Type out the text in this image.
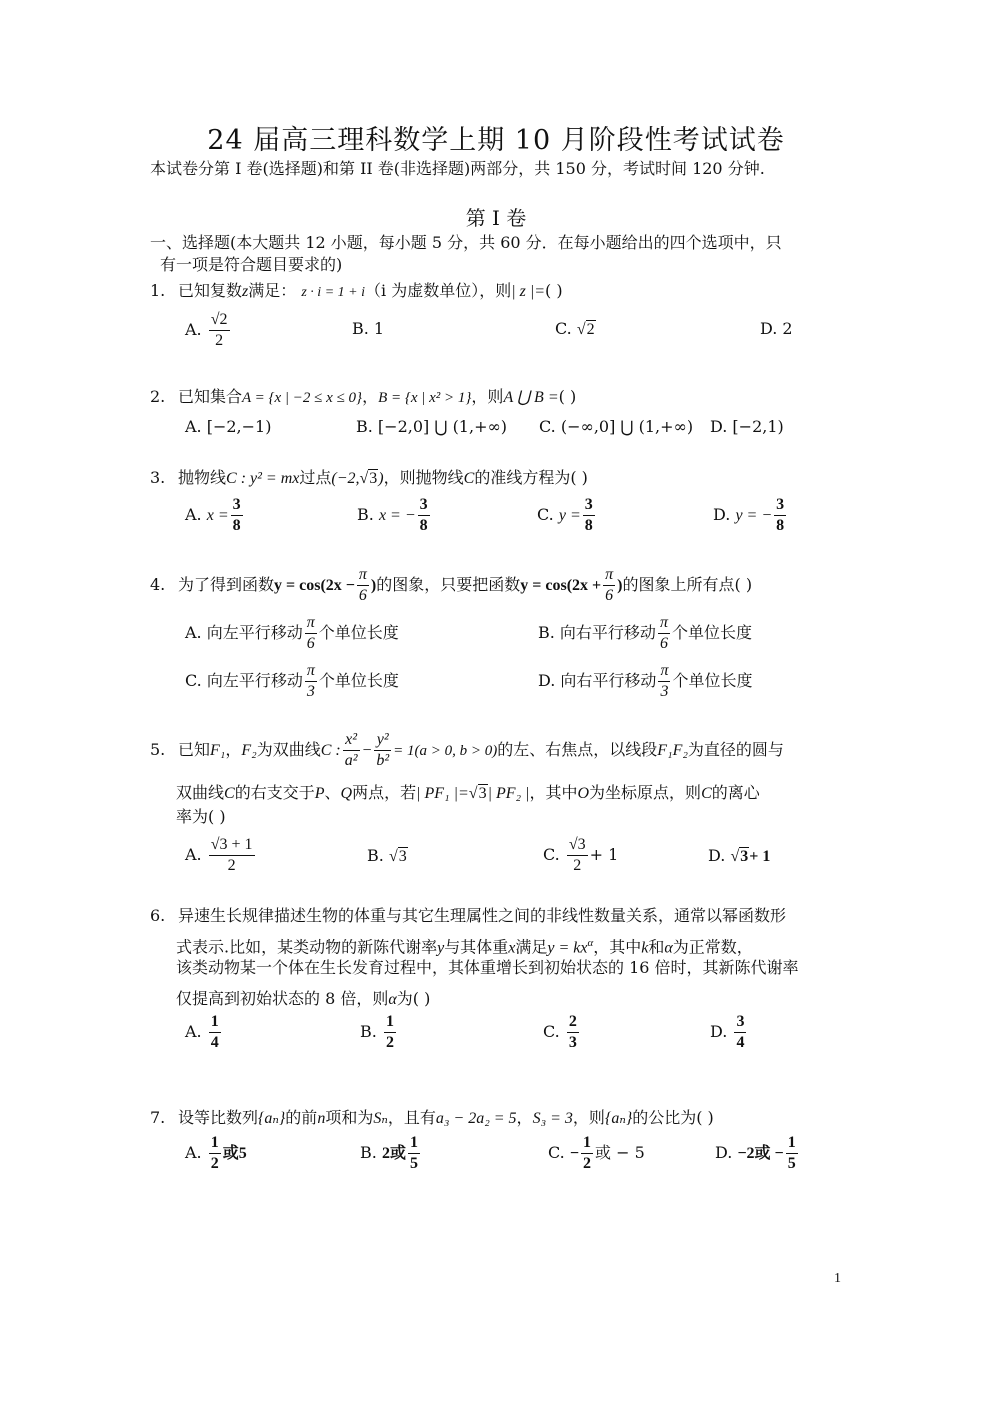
24 届高三理科数学上期 10 月阶段性考试试卷
本试卷分第 I 卷(选择题)和第 II 卷(非选择题)两部分，共 150 分，考试时间 120 分钟.
第 I 卷
一、选择题(本大题共 12 小题，每小题 5 分，共 60 分．在每小题给出的四个选项中，只
有一项是符合题目要求的)
1. 已知复数z满足： z · i = 1 + i（i 为虚数单位），则| z |=( )
A. $\frac{√2}{2}$	B. 1	C. √2	D. 2
2. 已知集合A = {x | −2 ≤ x ≤ 0}，B = {x | x² > 1}，则A ⋃ B =( )
A. [−2,−1)	B. [−2,0] ⋃ (1,+∞) C. (−∞,0] ⋃ (1,+∞) D. [−2,1)
3. 抛物线C : y² = mx过点(−2,√3)，则抛物线C的准线方程为( )
A. $x = \frac{3}{8}$	B. x = − $\frac{3}{8}$	C. $y = \frac{3}{8}$	D. y = − $\frac{3}{8}$
4. 为了得到函数$y = \cos(2x - \frac{\pi}{6}$ )的图象，只要把函数$y = \cos(2x + \frac{\pi}{6}$ )的图象上所有点( )
A. 向左平行移动 $\frac{\pi}{6}$ 个单位长度	B. 向右平行移动 $\frac{\pi}{6}$ 个单位长度
C. 向左平行移动 $\frac{\pi}{3}$ 个单位长度	D. 向右平行移动 $\frac{\pi}{3}$ 个单位长度
5. 已知F₁，F₂为双曲线C : $\frac{\text{x²}}{\text{a²}} - \frac{\text{y²}}{\text{b²}} = 1(a > 0$, b > 0)的左、右焦点，以线段F₁F₂为直径的圆与
双曲线C的右支交于P、Q两点，若| PF₁ |=√3| PF₂ |，其中O为坐标原点，则C的离心
率为( )
A. $\frac{√3 + 1}{2}$	B. √3	C. $\frac{√3}{2} + 1$	D. √3+ 1
6. 异速生长规律描述生物的体重与其它生理属性之间的非线性数量关系，通常以幂函数形
式表示.比如，某类动物的新陈代谢率y与其体重x满足$y = kx^\alpha$，其中k和α为正常数，
该类动物某一个体在生长发育过程中，其体重增长到初始状态的 16 倍时，其新陈代谢率
仅提高到初始状态的 8 倍，则α为( )
A. $\frac{1}{4}$	B. $\frac{1}{2}$	C. $\frac{2}{3}$	D. $\frac{3}{4}$
7. 设等比数列{aₙ}的前n项和为Sₙ，且有a₃ − 2a₂ = 5，S₃ = 3，则{aₙ}的公比为( )
A. $\frac{1}{2}$ 或5	B. 2或 $\frac{1}{5}$	C. − $\frac{1}{2}$ 或 − 5	D. −2或 − $\frac{1}{5}$
1
